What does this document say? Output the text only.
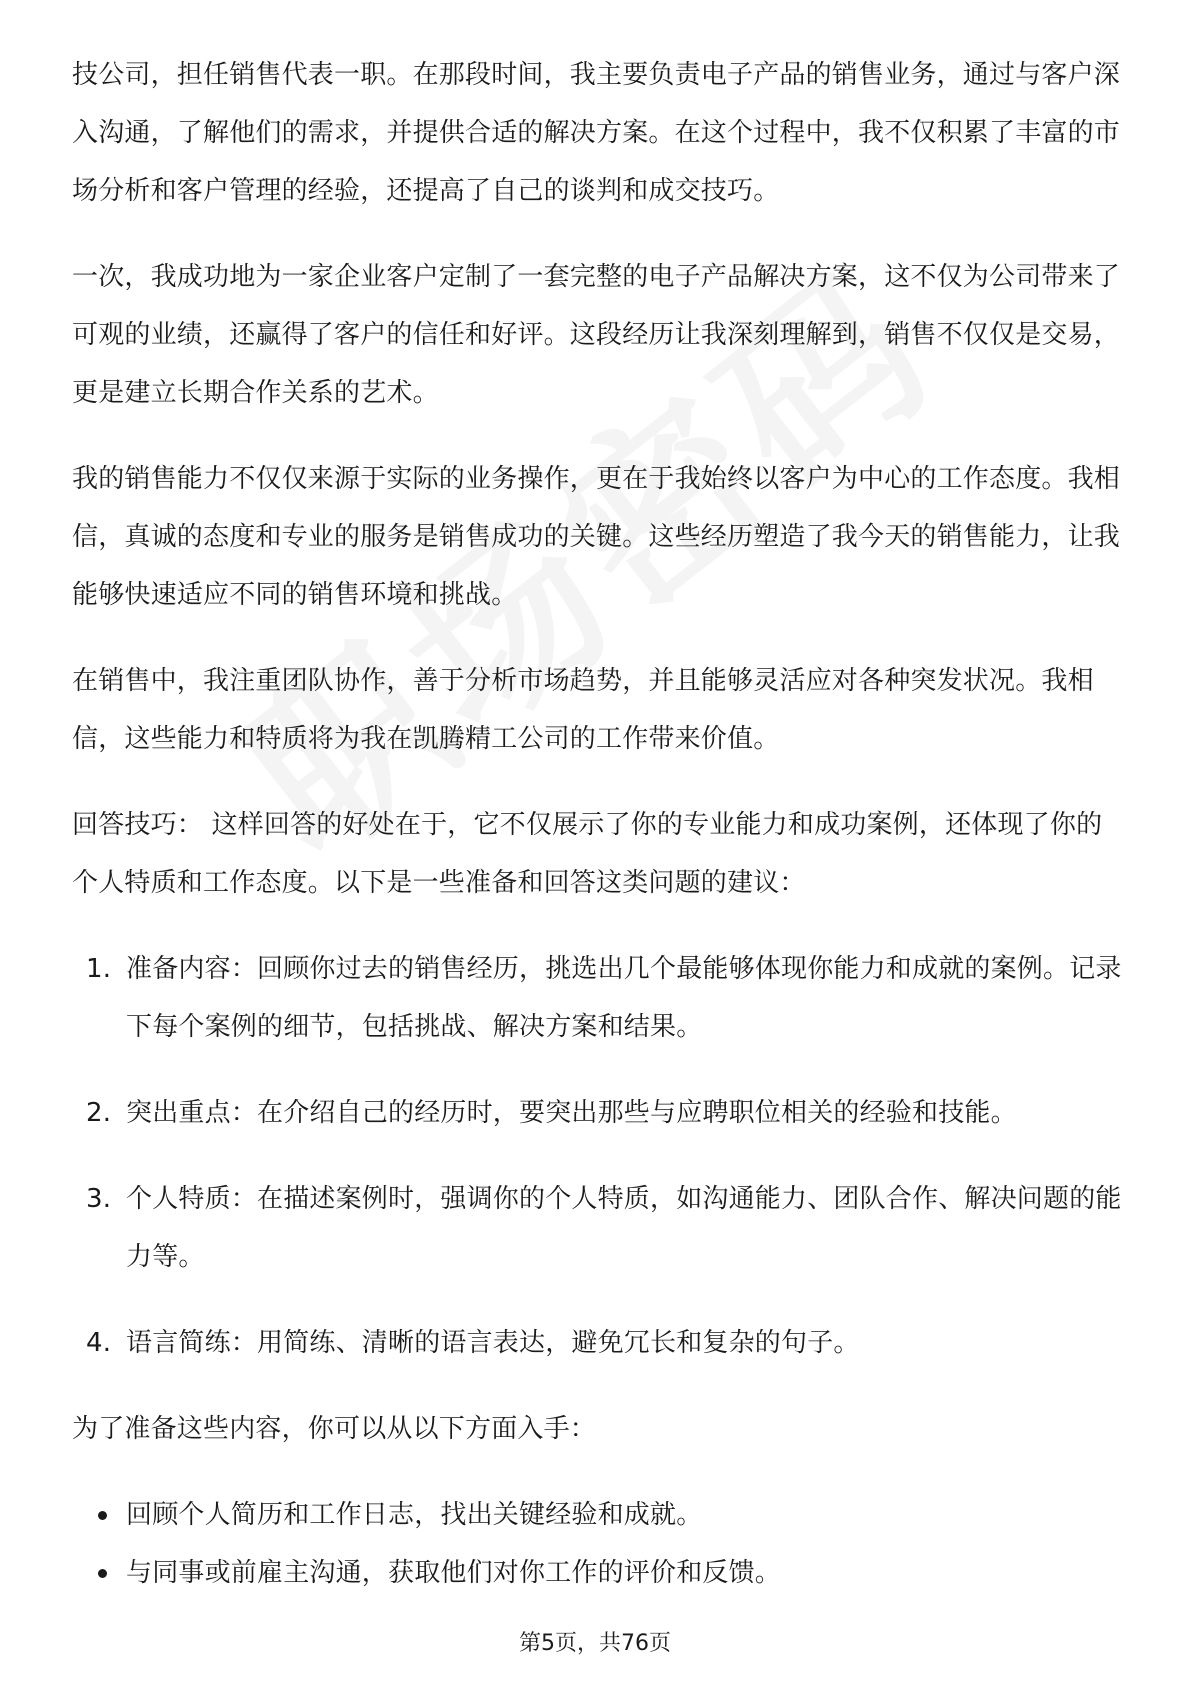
技公司，担任销售代表一职。在那段时间，我主要负责电子产品的销售业务，通过与客户深入沟通，了解他们的需求，并提供合适的解决方案。在这个过程中，我不仅积累了丰富的市场分析和客户管理的经验，还提高了自己的谈判和成交技巧。

一次，我成功地为一家企业客户定制了一套完整的电子产品解决方案，这不仅为公司带来了可观的业绩，还赢得了客户的信任和好评。这段经历让我深刻理解到，销售不仅仅是交易，更是建立长期合作关系的艺术。

我的销售能力不仅仅来源于实际的业务操作，更在于我始终以客户为中心的工作态度。我相信，真诚的态度和专业的服务是销售成功的关键。这些经历塑造了我今天的销售能力，让我能够快速适应不同的销售环境和挑战。

在销售中，我注重团队协作，善于分析市场趋势，并且能够灵活应对各种突发状况。我相信，这些能力和特质将为我在凯腾精工公司的工作带来价值。

回答技巧： 这样回答的好处在于，它不仅展示了你的专业能力和成功案例，还体现了你的个人特质和工作态度。以下是一些准备和回答这类问题的建议：

1. 准备内容：回顾你过去的销售经历，挑选出几个最能够体现你能力和成就的案例。记录下每个案例的细节，包括挑战、解决方案和结果。
2. 突出重点：在介绍自己的经历时，要突出那些与应聘职位相关的经验和技能。
3. 个人特质：在描述案例时，强调你的个人特质，如沟通能力、团队合作、解决问题的能力等。
4. 语言简练：用简练、清晰的语言表达，避免冗长和复杂的句子。

为了准备这些内容，你可以从以下方面入手：

回顾个人简历和工作日志，找出关键经验和成就。
与同事或前雇主沟通，获取他们对你工作的评价和反馈。
第5页，共76页
